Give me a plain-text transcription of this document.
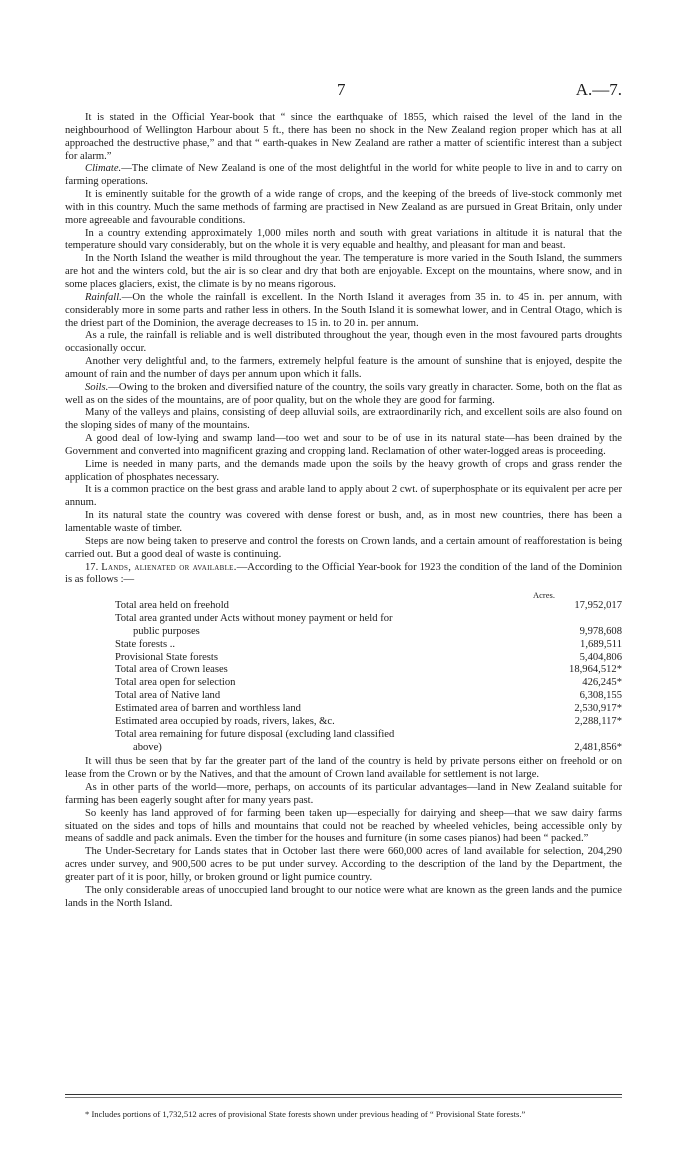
7	A.—7.

It is stated in the Official Year-book that “ since the earthquake of 1855, which raised the level of the land in the neighbourhood of Wellington Harbour about 5 ft., there has been no shock in the New Zealand region proper which has at all approached the destructive phase,” and that “ earth-quakes in New Zealand are rather a matter of scientific interest than a subject for alarm.”

Climate.—The climate of New Zealand is one of the most delightful in the world for white people to live in and to carry on farming operations.

It is eminently suitable for the growth of a wide range of crops, and the keeping of the breeds of live-stock commonly met with in this country. Much the same methods of farming are practised in New Zealand as are pursued in Great Britain, only under more agreeable and favourable conditions.

In a country extending approximately 1,000 miles north and south with great variations in altitude it is natural that the temperature should vary considerably, but on the whole it is very equable and healthy, and pleasant for man and beast.

In the North Island the weather is mild throughout the year. The temperature is more varied in the South Island, the summers are hot and the winters cold, but the air is so clear and dry that both are enjoyable. Except on the mountains, where snow, and in some places glaciers, exist, the climate is by no means rigorous.

Rainfall.—On the whole the rainfall is excellent. In the North Island it averages from 35 in. to 45 in. per annum, with considerably more in some parts and rather less in others. In the South Island it is somewhat lower, and in Central Otago, which is the driest part of the Dominion, the average decreases to 15 in. to 20 in. per annum.

As a rule, the rainfall is reliable and is well distributed throughout the year, though even in the most favoured parts droughts occasionally occur.

Another very delightful and, to the farmers, extremely helpful feature is the amount of sunshine that is enjoyed, despite the amount of rain and the number of days per annum upon which it falls.

Soils.—Owing to the broken and diversified nature of the country, the soils vary greatly in character. Some, both on the flat as well as on the sides of the mountains, are of poor quality, but on the whole they are good for farming.

Many of the valleys and plains, consisting of deep alluvial soils, are extraordinarily rich, and excellent soils are also found on the sloping sides of many of the mountains.

A good deal of low-lying and swamp land—too wet and sour to be of use in its natural state—has been drained by the Government and converted into magnificent grazing and cropping land. Reclamation of other water-logged areas is proceeding.

Lime is needed in many parts, and the demands made upon the soils by the heavy growth of crops and grass render the application of phosphates necessary.

It is a common practice on the best grass and arable land to apply about 2 cwt. of superphosphate or its equivalent per acre per annum.

In its natural state the country was covered with dense forest or bush, and, as in most new countries, there has been a lamentable waste of timber.

Steps are now being taken to preserve and control the forests on Crown lands, and a certain amount of reafforestation is being carried out. But a good deal of waste is continuing.

17. Lands, alienated or available.—According to the Official Year-book for 1923 the condition of the land of the Dominion is as follows :—

Acres.
Total area held on freehold	17,952,017
Total area granted under Acts without money payment or held for
public purposes	9,978,608
State forests ..	1,689,511
Provisional State forests	5,404,806
Total area of Crown leases	18,964,512*
Total area open for selection	426,245*
Total area of Native land	6,308,155
Estimated area of barren and worthless land	2,530,917*
Estimated area occupied by roads, rivers, lakes, &c.	2,288,117*
Total area remaining for future disposal (excluding land classified
above)	2,481,856*

It will thus be seen that by far the greater part of the land of the country is held by private persons either on freehold or on lease from the Crown or by the Natives, and that the amount of Crown land available for settlement is not large.

As in other parts of the world—more, perhaps, on accounts of its particular advantages—land in New Zealand suitable for farming has been eagerly sought after for many years past.

So keenly has land approved of for farming been taken up—especially for dairying and sheep—that we saw dairy farms situated on the sides and tops of hills and mountains that could not be reached by wheeled vehicles, being accessible only by means of saddle and pack animals. Even the timber for the houses and furniture (in some cases pianos) had been “ packed.”

The Under-Secretary for Lands states that in October last there were 660,000 acres of land available for selection, 204,290 acres under survey, and 900,500 acres to be put under survey. According to the description of the land by the Department, the greater part of it is poor, hilly, or broken ground or light pumice country.

The only considerable areas of unoccupied land brought to our notice were what are known as the green lands and the pumice lands in the North Island.

* Includes portions of 1,732,512 acres of provisional State forests shown under previous heading of “ Provisional State forests.”
